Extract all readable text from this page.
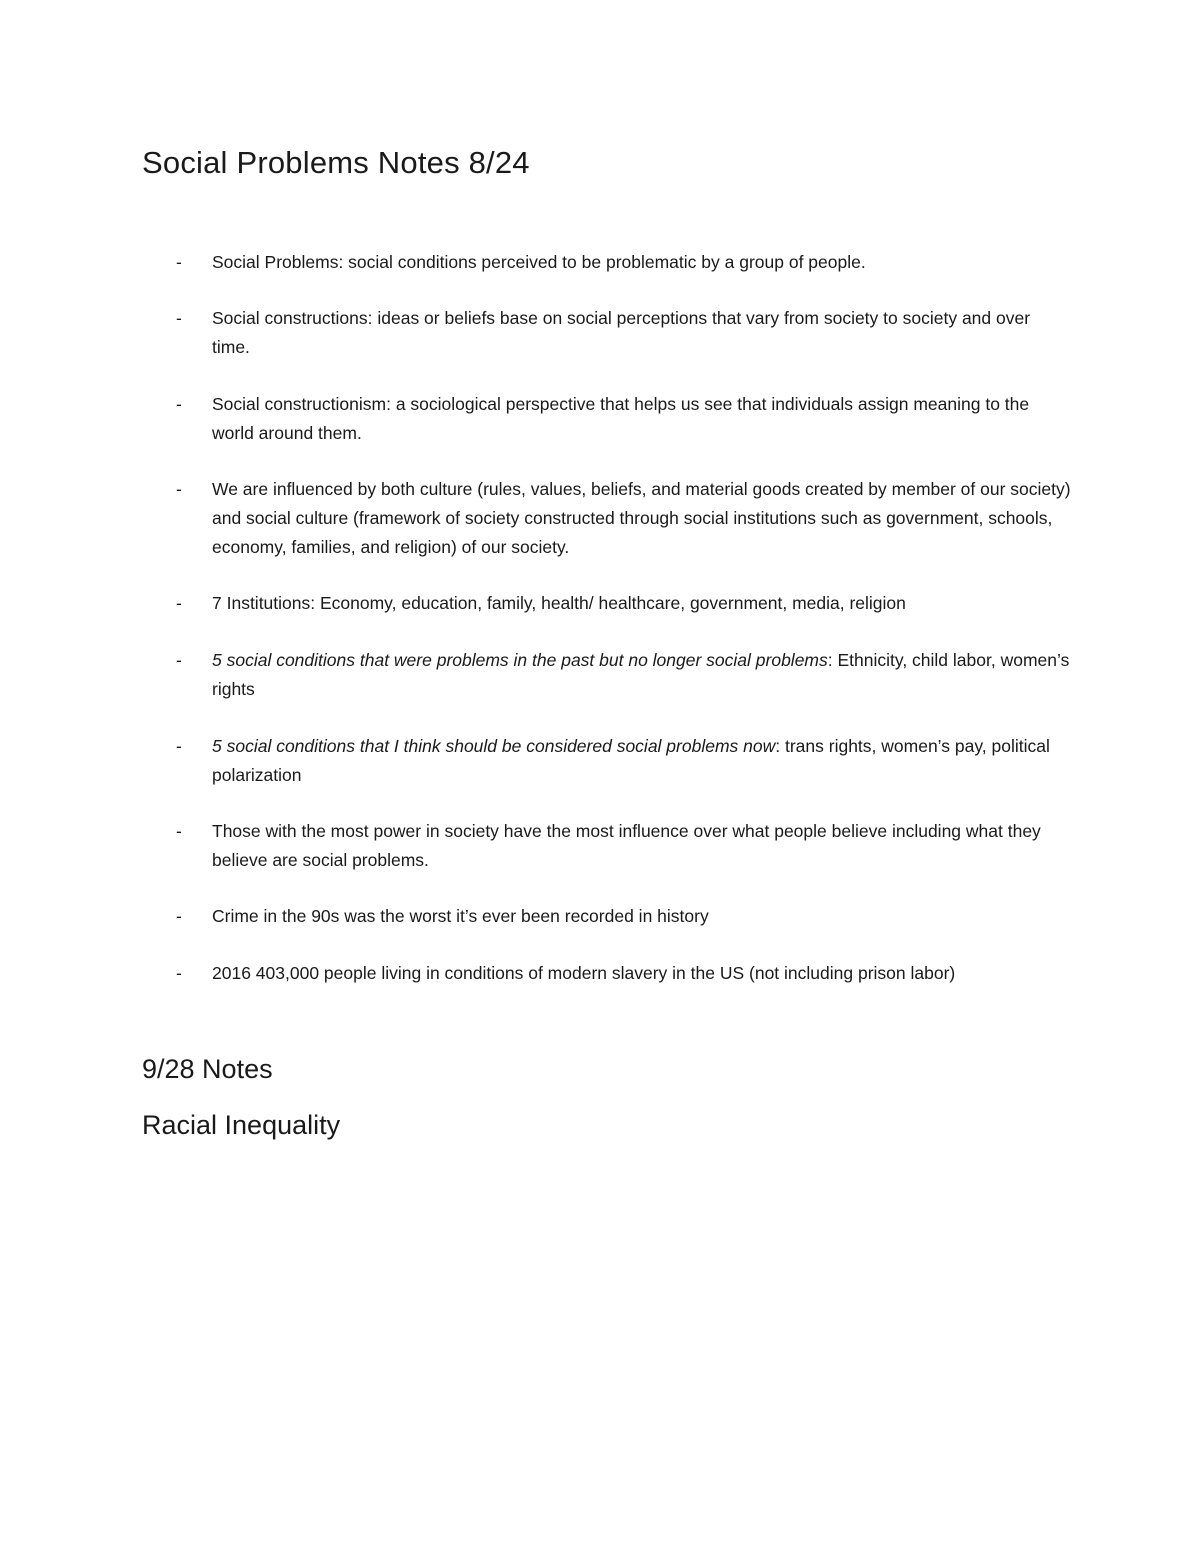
Social Problems Notes 8/24
- Social Problems: social conditions perceived to be problematic by a group of people.
- Social constructions: ideas or beliefs base on social perceptions that vary from society to society and over time.
- Social constructionism: a sociological perspective that helps us see that individuals assign meaning to the world around them.
- We are influenced by both culture (rules, values, beliefs, and material goods created by member of our society) and social culture (framework of society constructed through social institutions such as government, schools, economy, families, and religion) of our society.
- 7 Institutions: Economy, education, family, health/ healthcare, government, media, religion
- 5 social conditions that were problems in the past but no longer social problems: Ethnicity, child labor, women’s rights
- 5 social conditions that I think should be considered social problems now: trans rights, women’s pay, political polarization
- Those with the most power in society have the most influence over what people believe including what they believe are social problems.
- Crime in the 90s was the worst it’s ever been recorded in history
- 2016 403,000 people living in conditions of modern slavery in the US (not including prison labor)
9/28 Notes
Racial Inequality
